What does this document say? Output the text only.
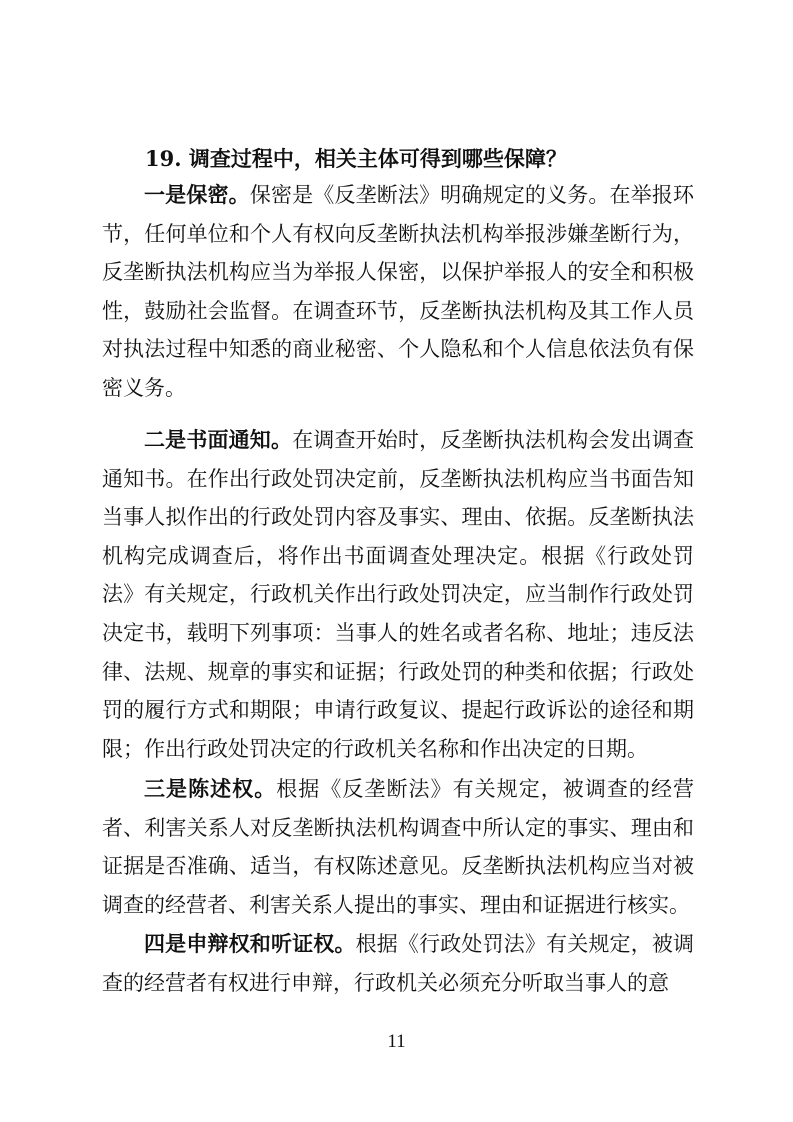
19. 调查过程中，相关主体可得到哪些保障？

一是保密。保密是《反垄断法》明确规定的义务。在举报环节，任何单位和个人有权向反垄断执法机构举报涉嫌垄断行为，反垄断执法机构应当为举报人保密，以保护举报人的安全和积极性，鼓励社会监督。在调查环节，反垄断执法机构及其工作人员对执法过程中知悉的商业秘密、个人隐私和个人信息依法负有保密义务。

二是书面通知。在调查开始时，反垄断执法机构会发出调查通知书。在作出行政处罚决定前，反垄断执法机构应当书面告知当事人拟作出的行政处罚内容及事实、理由、依据。反垄断执法机构完成调查后，将作出书面调查处理决定。根据《行政处罚法》有关规定，行政机关作出行政处罚决定，应当制作行政处罚决定书，载明下列事项：当事人的姓名或者名称、地址；违反法律、法规、规章的事实和证据；行政处罚的种类和依据；行政处罚的履行方式和期限；申请行政复议、提起行政诉讼的途径和期限；作出行政处罚决定的行政机关名称和作出决定的日期。

三是陈述权。根据《反垄断法》有关规定，被调查的经营者、利害关系人对反垄断执法机构调查中所认定的事实、理由和证据是否准确、适当，有权陈述意见。反垄断执法机构应当对被调查的经营者、利害关系人提出的事实、理由和证据进行核实。

四是申辩权和听证权。根据《行政处罚法》有关规定，被调查的经营者有权进行申辩，行政机关必须充分听取当事人的意

11
